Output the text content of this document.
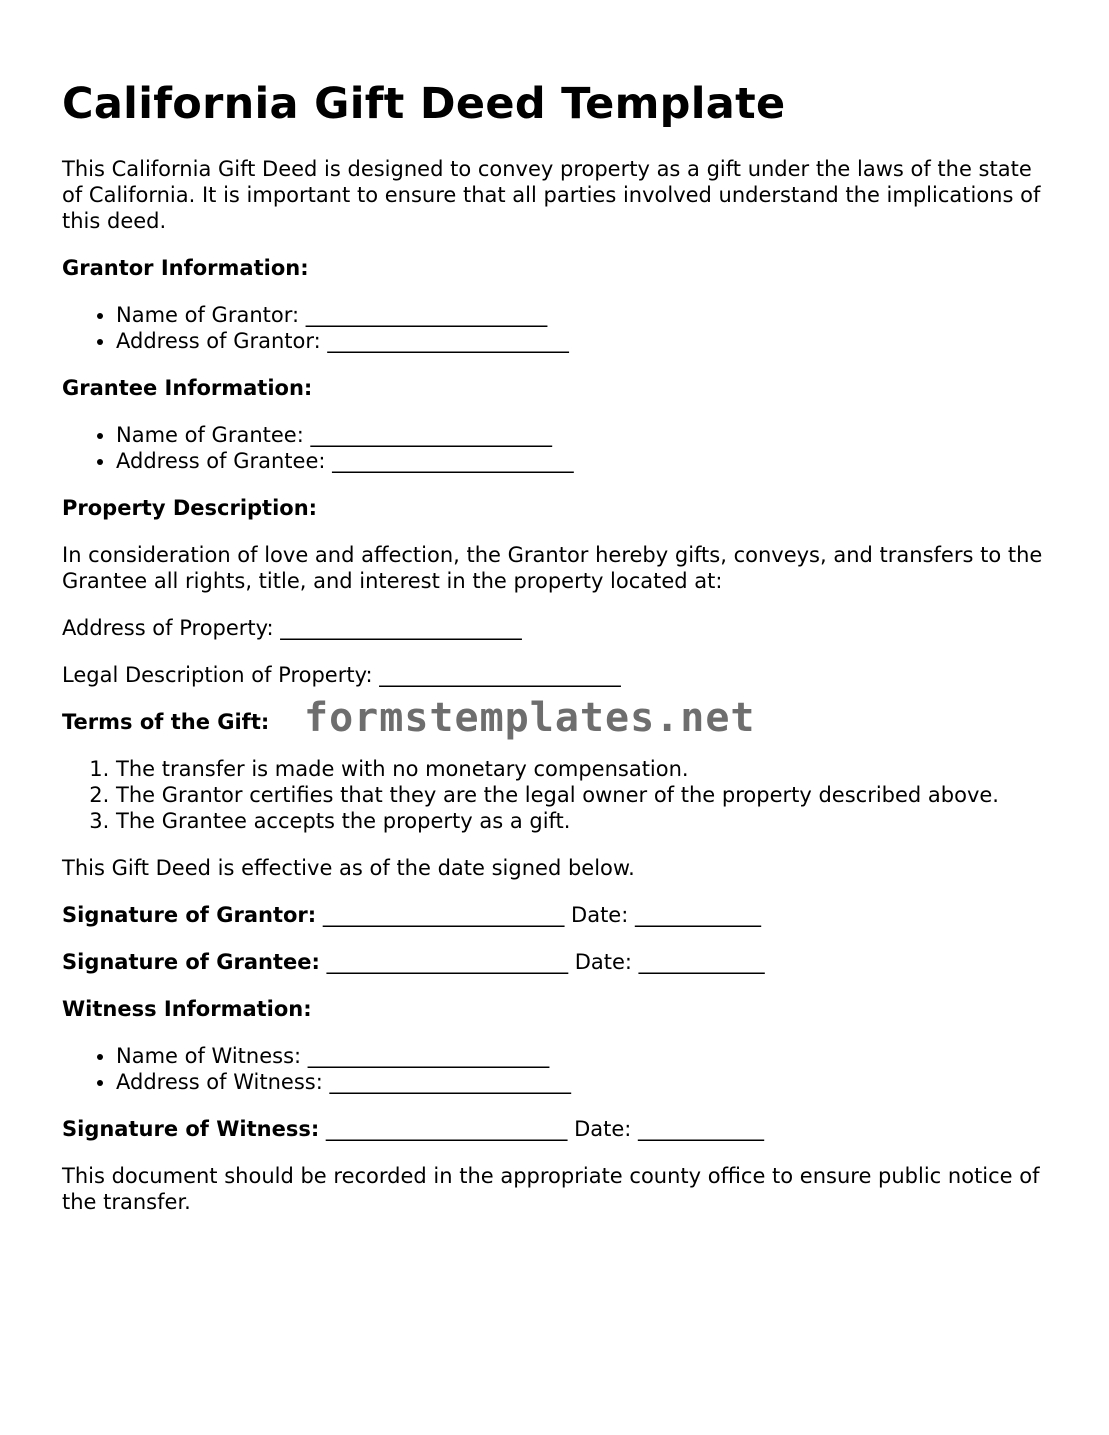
California Gift Deed Template

This California Gift Deed is designed to convey property as a gift under the laws of the state of California. It is important to ensure that all parties involved understand the implications of this deed.

Grantor Information:
• Name of Grantor: _______________________
• Address of Grantor: _______________________
Grantee Information:
• Name of Grantee: _______________________
• Address of Grantee: _______________________
Property Description:

In consideration of love and affection, the Grantor hereby gifts, conveys, and transfers to the Grantee all rights, title, and interest in the property located at:

Address of Property: _______________________

Legal Description of Property: _______________________

Terms of the Gift: formstemplates.net
1. The transfer is made with no monetary compensation.
2. The Grantor certifies that they are the legal owner of the property described above.
3. The Grantee accepts the property as a gift.

This Gift Deed is effective as of the date signed below.

Signature of Grantor: _______________________ Date: ____________

Signature of Grantee: _______________________ Date: ____________

Witness Information:
• Name of Witness: _______________________
• Address of Witness: _______________________

Signature of Witness: _______________________ Date: ____________

This document should be recorded in the appropriate county office to ensure public notice of the transfer.
